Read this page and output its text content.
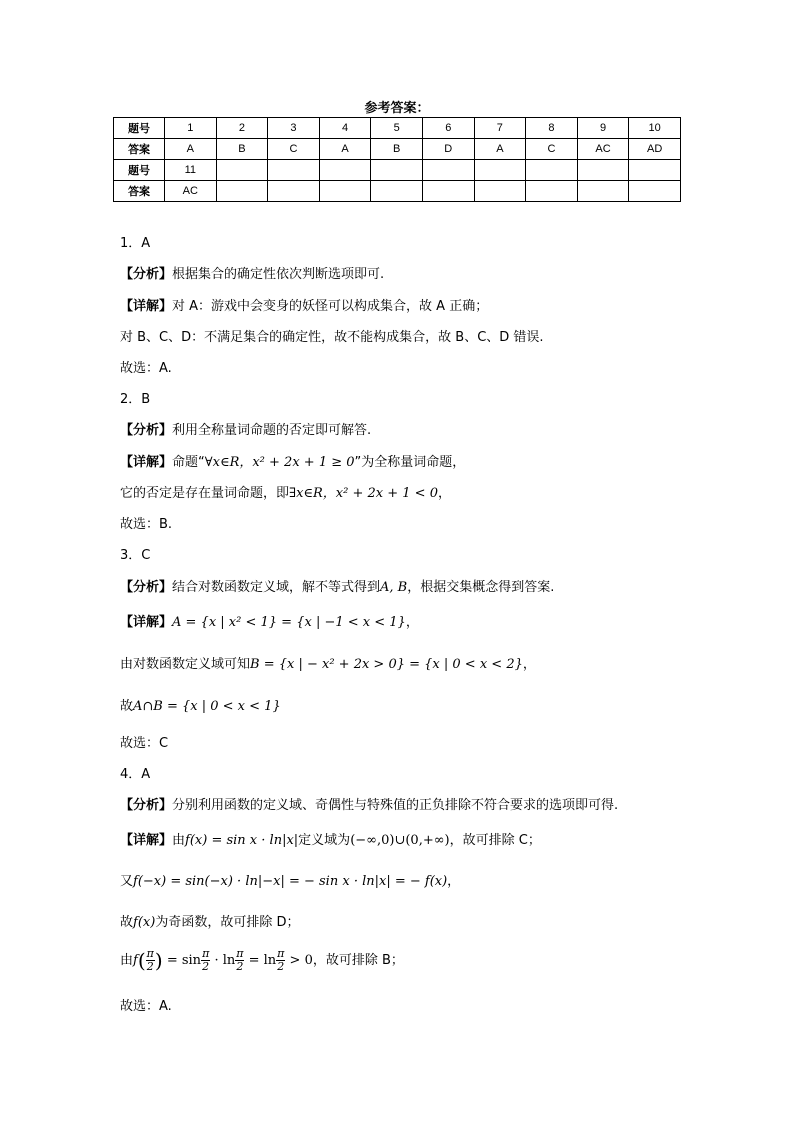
参考答案：
题号	1	2	3	4	5	6	7	8	9	10
答案	A	B	C	A	B	D	A	C	AC	AD
题号	11									
答案	AC									
1．A
【分析】根据集合的确定性依次判断选项即可.
【详解】对 A：游戏中会变身的妖怪可以构成集合，故 A 正确；
对 B、C、D：不满足集合的确定性，故不能构成集合，故 B、C、D 错误.
故选：A.
2．B
【分析】利用全称量词命题的否定即可解答.
【详解】命题“∀x∈R，x² + 2x + 1 ≥ 0”为全称量词命题，
它的否定是存在量词命题，即∃x∈R，x² + 2x + 1 < 0，
故选：B.
3．C
【分析】结合对数函数定义域，解不等式得到A, B，根据交集概念得到答案.
【详解】A = {x | x² < 1} = {x | −1 < x < 1}，
由对数函数定义域可知B = {x | − x² + 2x > 0} = {x | 0 < x < 2}，
故A∩B = {x | 0 < x < 1}
故选：C
4．A
【分析】分别利用函数的定义域、奇偶性与特殊值的正负排除不符合要求的选项即可得.
【详解】由f(x) = sin x · ln|x|定义域为(−∞,0)∪(0,+∞)，故可排除 C；
又f(−x) = sin(−x) · ln|−x| = − sin x · ln|x| = − f(x)，
故f(x)为奇函数，故可排除 D；
由$f( \frac{\pi}{2}$ ) = $\sin \frac{\pi}{2} \cdot \ln \frac{\pi}{2} = \ln \frac{\pi}{2} > 0$，故可排除 B；
故选：A.
